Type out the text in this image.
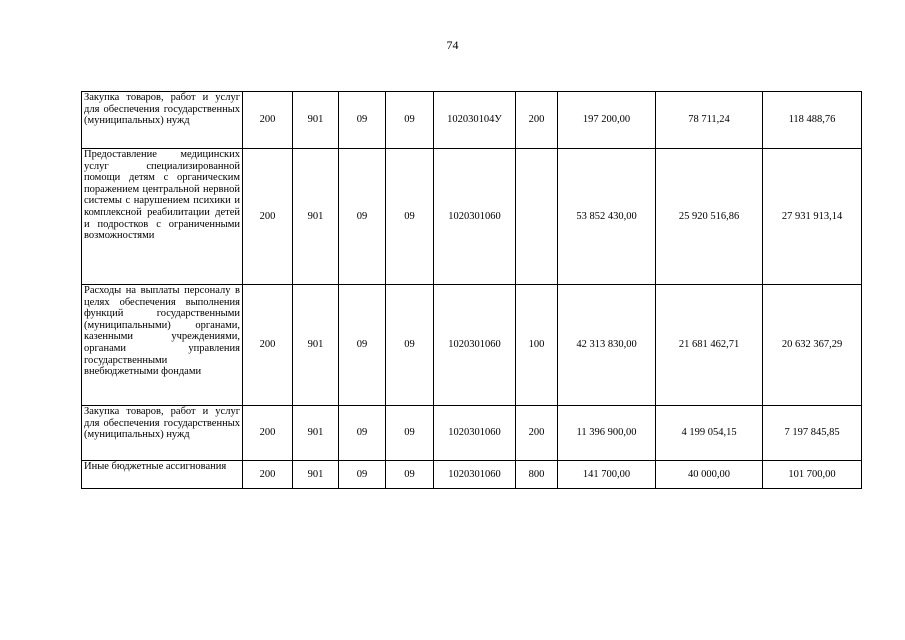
74
Закупка товаров, работ и услуг для обеспечения государственных (муниципальных) нужд	200	901	09	09	102030104У	200	197 200,00	78 711,24	118 488,76
Предоставление медицинских услуг специализированной помощи детям с органическим поражением центральной нервной системы с нарушением психики и комплексной реабилитации детей и подростков с ограниченными возможностями	200	901	09	09	1020301060		53 852 430,00	25 920 516,86	27 931 913,14
Расходы на выплаты персоналу в целях обеспечения выполнения функций государственными (муниципальными) органами, казенными учреждениями, органами управления государственными внебюджетными фондами	200	901	09	09	1020301060	100	42 313 830,00	21 681 462,71	20 632 367,29
Закупка товаров, работ и услуг для обеспечения государственных (муниципальных) нужд	200	901	09	09	1020301060	200	11 396 900,00	4 199 054,15	7 197 845,85
Иные бюджетные ассигнования	200	901	09	09	1020301060	800	141 700,00	40 000,00	101 700,00
